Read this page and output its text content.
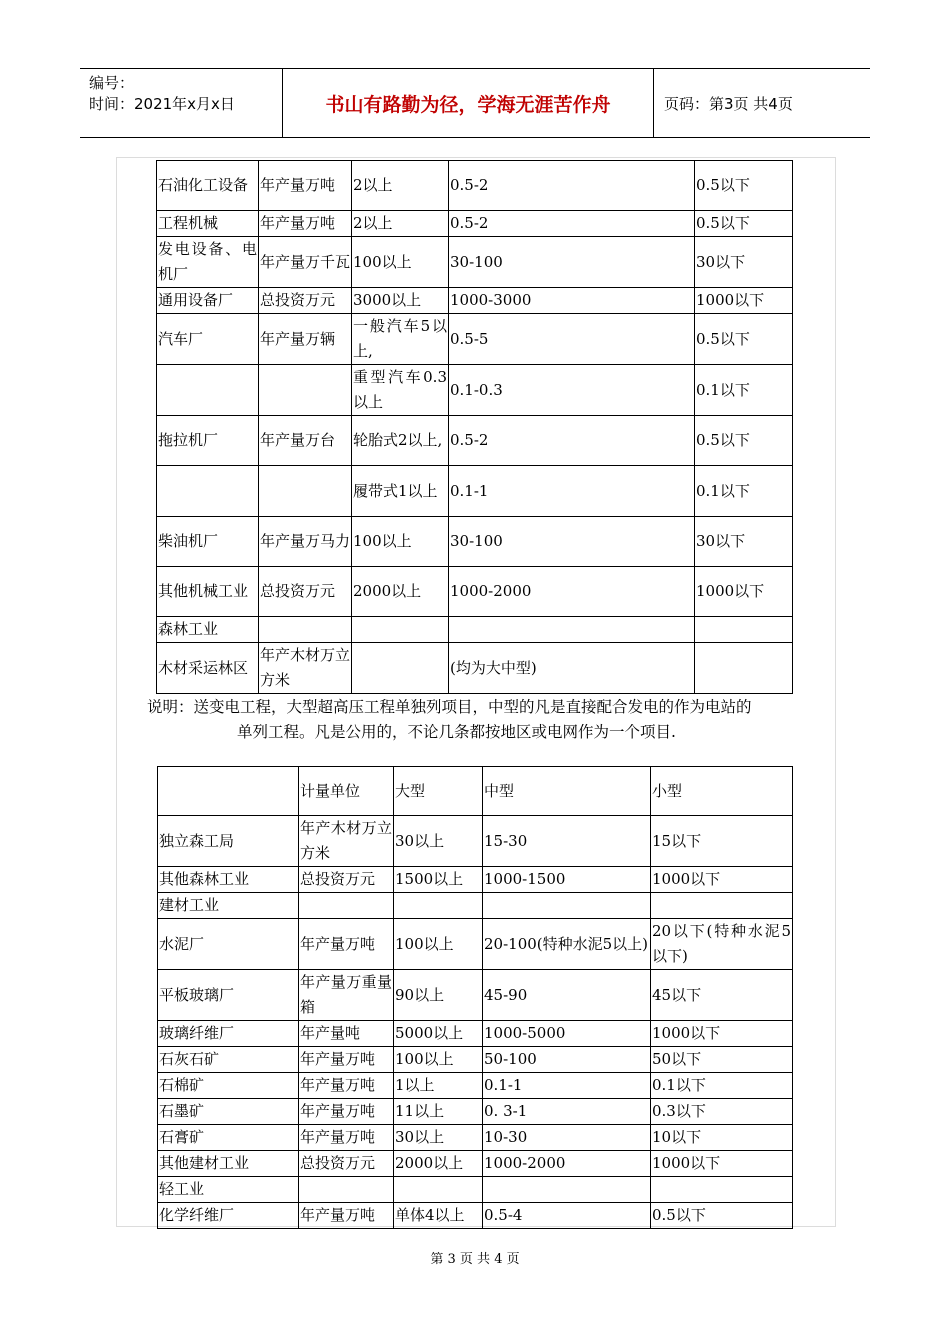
编号：
时间：2021年x月x日	书山有路勤为径，学海无涯苦作舟	页码：第3页 共4页
石油化工设备	年产量万吨	2以上	0.5-2	0.5以下
工程机械	年产量万吨	2以上	0.5-2	0.5以下
发电设备、电机厂	年产量万千瓦	100以上	30-100	30以下
通用设备厂	总投资万元	3000以上	1000-3000	1000以下
汽车厂	年产量万辆	一般汽车5以上,	0.5-5	0.5以下
		重型汽车0.3以上	0.1-0.3	0.1以下
拖拉机厂	年产量万台	轮胎式2以上,	0.5-2	0.5以下
		履带式1以上	0.1-1	0.1以下
柴油机厂	年产量万马力	100以上	30-100	30以下
其他机械工业	总投资万元	2000以上	1000-2000	1000以下
森林工业				
木材采运林区	年产木材万立方米		(均为大中型)	
说明：送变电工程，大型超高压工程单独列项目，中型的凡是直接配合发电的作为电站的
单列工程。凡是公用的，不论几条都按地区或电网作为一个项目.
	计量单位	大型	中型	小型
独立森工局	年产木材万立方米	30以上	15-30	15以下
其他森林工业	总投资万元	1500以上	1000-1500	1000以下
建材工业				
水泥厂	年产量万吨	100以上	20-100(特种水泥5以上)	20以下(特种水泥5以下)
平板玻璃厂	年产量万重量箱	90以上	45-90	45以下
玻璃纤维厂	年产量吨	5000以上	1000-5000	1000以下
石灰石矿	年产量万吨	100以上	50-100	50以下
石棉矿	年产量万吨	1以上	0.1-1	0.1以下
石墨矿	年产量万吨	11以上	0. 3-1	0.3以下
石膏矿	年产量万吨	30以上	10-30	10以下
其他建材工业	总投资万元	2000以上	1000-2000	1000以下
轻工业				
化学纤维厂	年产量万吨	单体4以上	0.5-4	0.5以下
第 3 页 共 4 页
